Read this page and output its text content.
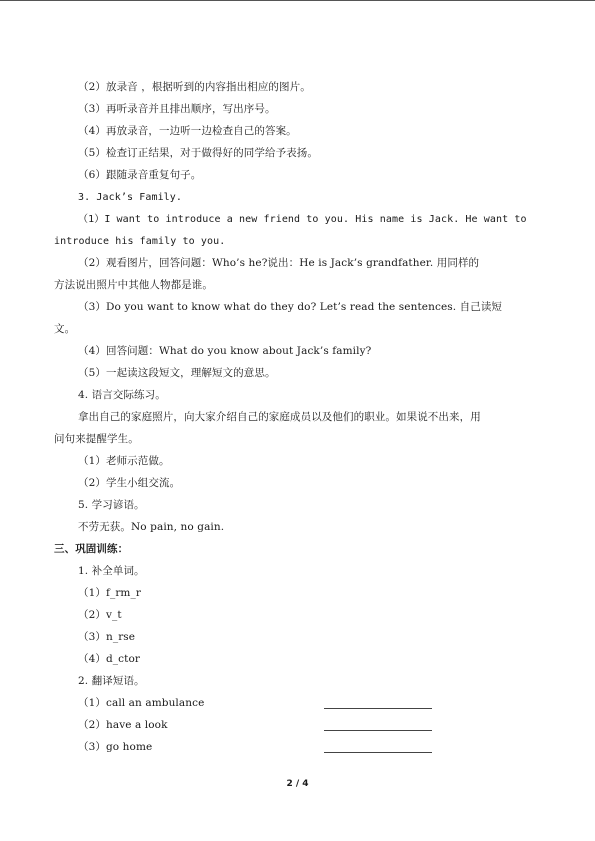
（2）放录音 ，根据听到的内容指出相应的图片。
（3）再听录音并且排出顺序，写出序号。
（4）再放录音，一边听一边检查自己的答案。
（5）检查订正结果，对于做得好的同学给予表扬。
（6）跟随录音重复句子。
3. Jack’s Family.
（1）I want to introduce a new friend to you. His name is Jack. He want to
introduce his family to you.
（2）观看图片，回答问题：Who’s he?说出：He is Jack’s grandfather. 用同样的
方法说出照片中其他人物都是谁。
（3）Do you want to know what do they do? Let’s read the sentences. 自己读短
文。
（4）回答问题：What do you know about Jack’s family?
（5）一起读这段短文，理解短文的意思。
4. 语言交际练习。
拿出自己的家庭照片，向大家介绍自己的家庭成员以及他们的职业。如果说不出来，用
问句来提醒学生。
（1）老师示范做。
（2）学生小组交流。
5. 学习谚语。
不劳无获。No pain, no gain.
三、巩固训练：
1. 补全单词。
（1）f_rm_r
（2）v_t
（3）n_rse
（4）d_ctor
2. 翻译短语。
（1）call an ambulance
（2）have a look
（3）go home
2 / 4
